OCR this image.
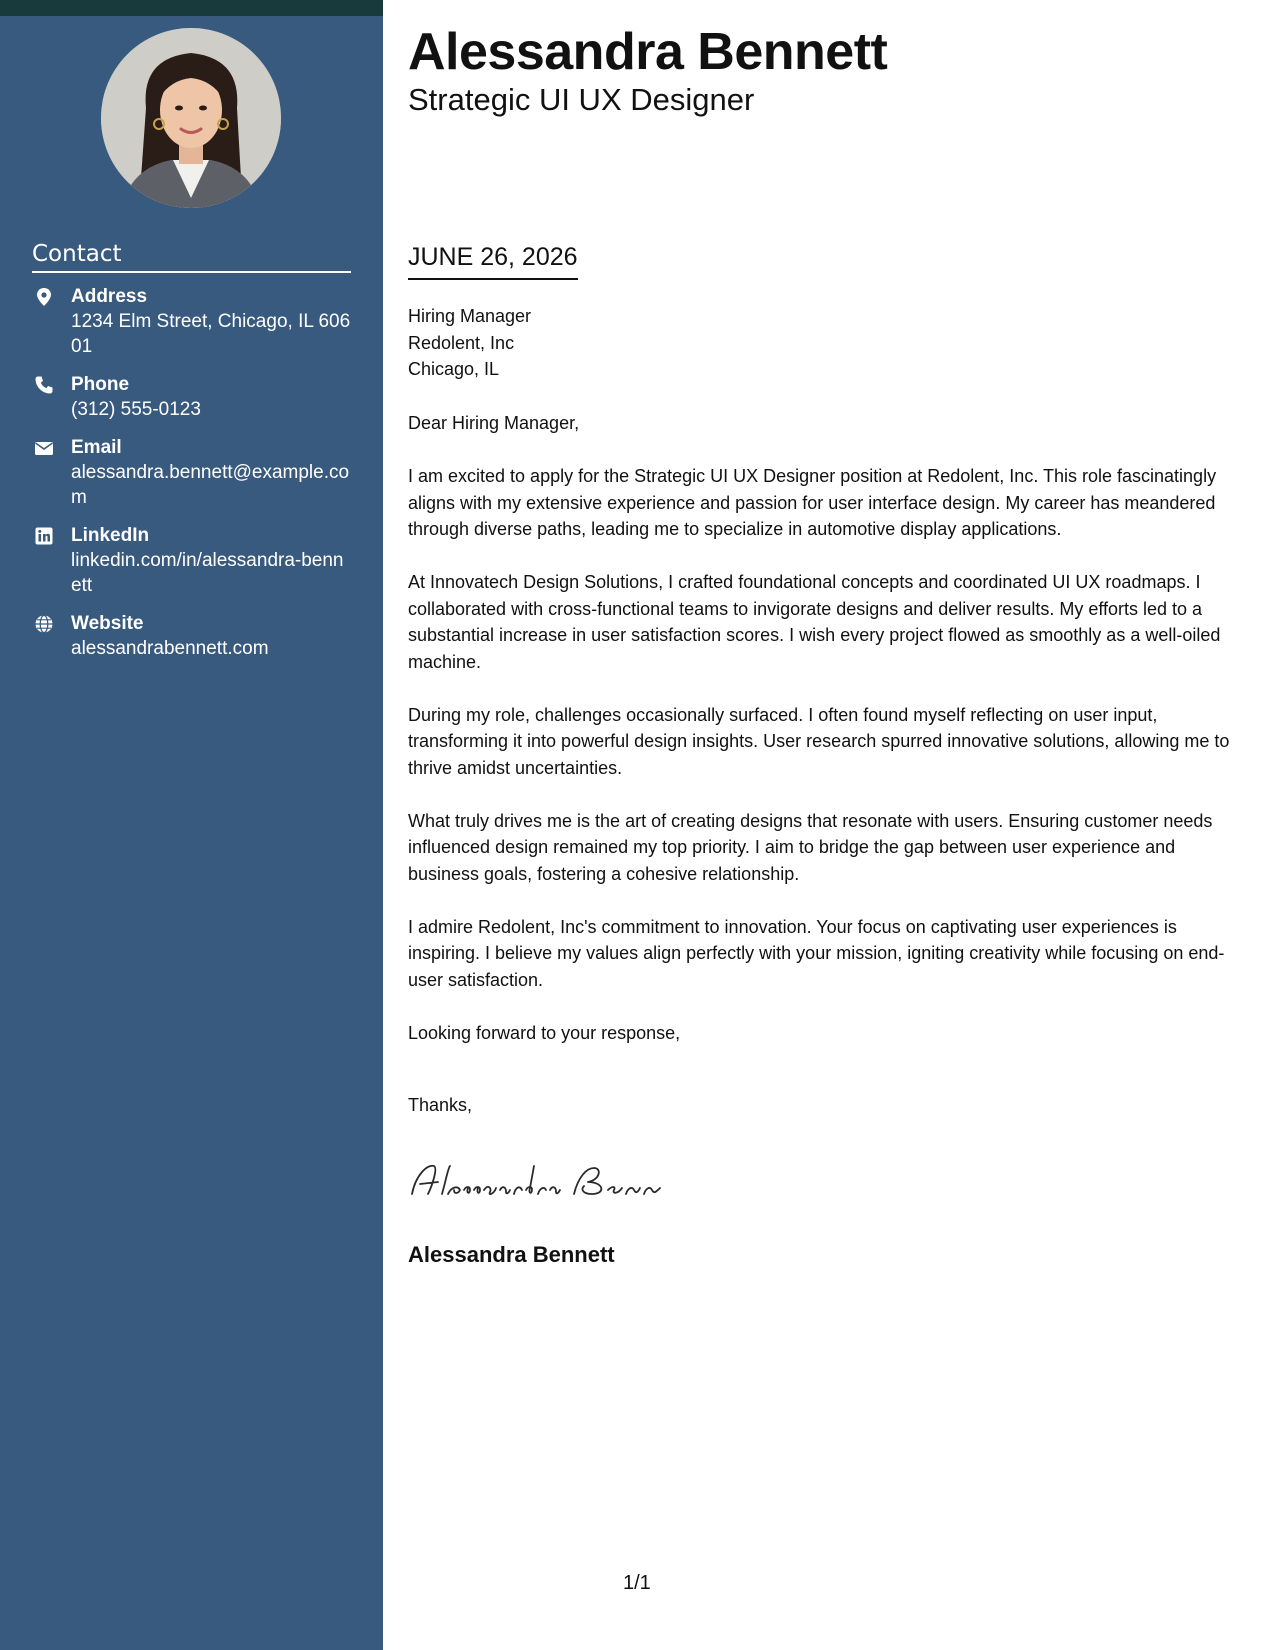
Contact
Address
1234 Elm Street, Chicago, IL 60601
Phone
(312) 555-0123
Email
alessandra.bennett@example.com
LinkedIn
linkedin.com/in/alessandra-bennett
Website
alessandrabennett.com
Alessandra Bennett
Strategic UI UX Designer
JUNE 26, 2026
Hiring Manager
Redolent, Inc
Chicago, IL

Dear Hiring Manager,

I am excited to apply for the Strategic UI UX Designer position at Redolent, Inc. This role fascinatingly aligns with my extensive experience and passion for user interface design. My career has meandered through diverse paths, leading me to specialize in automotive display applications.

At Innovatech Design Solutions, I crafted foundational concepts and coordinated UI UX roadmaps. I collaborated with cross-functional teams to invigorate designs and deliver results. My efforts led to a substantial increase in user satisfaction scores. I wish every project flowed as smoothly as a well-oiled machine.

During my role, challenges occasionally surfaced. I often found myself reflecting on user input, transforming it into powerful design insights. User research spurred innovative solutions, allowing me to thrive amidst uncertainties.

What truly drives me is the art of creating designs that resonate with users. Ensuring customer needs influenced design remained my top priority. I aim to bridge the gap between user experience and business goals, fostering a cohesive relationship.

I admire Redolent, Inc's commitment to innovation. Your focus on captivating user experiences is inspiring. I believe my values align perfectly with your mission, igniting creativity while focusing on end-user satisfaction.

Looking forward to your response,

Thanks,
Alessandra Bennett
1/1
